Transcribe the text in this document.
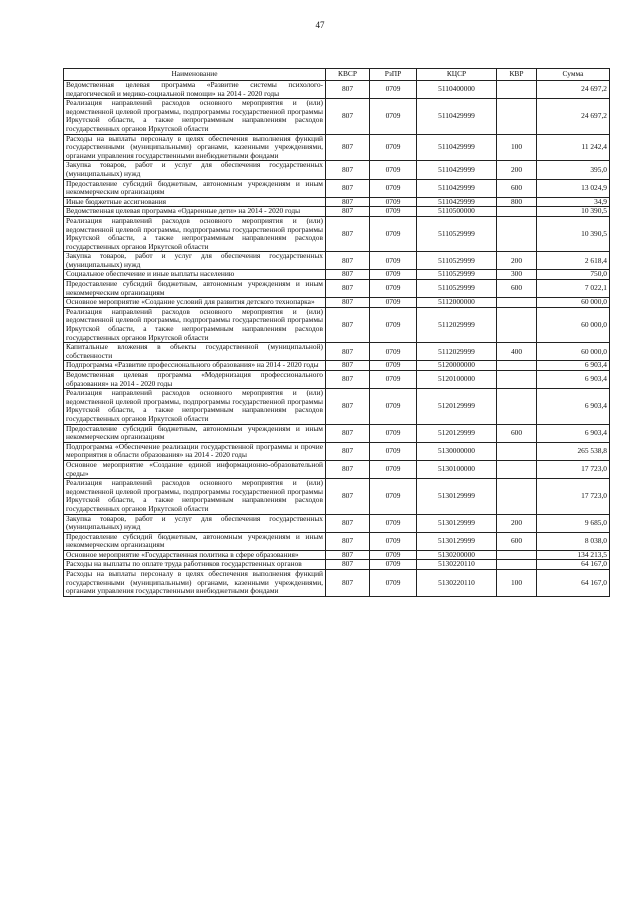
47
Наименование	КВСР	РзПР	КЦСР	КВР	Сумма
Ведомственная целевая программа «Развитие системы психолого-педагогической и медико-социальной помощи» на 2014 - 2020 годы	807	0709	5110400000		24 697,2
Реализация направлений расходов основного мероприятия и (или) ведомственной целевой программы, подпрограммы государственной программы Иркутской области, а также непрограммным направлениям расходов государственных органов Иркутской области	807	0709	5110429999		24 697,2
Расходы на выплаты персоналу в целях обеспечения выполнения функций государственными (муниципальными) органами, казенными учреждениями, органами управления государственными внебюджетными фондами	807	0709	5110429999	100	11 242,4
Закупка товаров, работ и услуг для обеспечения государственных (муниципальных) нужд	807	0709	5110429999	200	395,0
Предоставление субсидий бюджетным, автономным учреждениям и иным некоммерческим организациям	807	0709	5110429999	600	13 024,9
Иные бюджетные ассигнования	807	0709	5110429999	800	34,9
Ведомственная целевая программа «Одаренные дети» на 2014 - 2020 годы	807	0709	5110500000		10 390,5
Реализация направлений расходов основного мероприятия и (или) ведомственной целевой программы, подпрограммы государственной программы Иркутской области, а также непрограммным направлениям расходов государственных органов Иркутской области	807	0709	5110529999		10 390,5
Закупка товаров, работ и услуг для обеспечения государственных (муниципальных) нужд	807	0709	5110529999	200	2 618,4
Социальное обеспечение и иные выплаты населению	807	0709	5110529999	300	750,0
Предоставление субсидий бюджетным, автономным учреждениям и иным некоммерческим организациям	807	0709	5110529999	600	7 022,1
Основное мероприятие «Создание условий для развития детского технопарка»	807	0709	5112000000		60 000,0
Реализация направлений расходов основного мероприятия и (или) ведомственной целевой программы, подпрограммы государственной программы Иркутской области, а также непрограммным направлениям расходов государственных органов Иркутской области	807	0709	5112029999		60 000,0
Капитальные вложения в объекты государственной (муниципальной) собственности	807	0709	5112029999	400	60 000,0
Подпрограмма «Развитие профессионального образования» на 2014 - 2020 годы	807	0709	5120000000		6 903,4
Ведомственная целевая программа «Модернизация профессионального образования» на 2014 - 2020 годы	807	0709	5120100000		6 903,4
Реализация направлений расходов основного мероприятия и (или) ведомственной целевой программы, подпрограммы государственной программы Иркутской области, а также непрограммным направлениям расходов государственных органов Иркутской области	807	0709	5120129999		6 903,4
Предоставление субсидий бюджетным, автономным учреждениям и иным некоммерческим организациям	807	0709	5120129999	600	6 903,4
Подпрограмма «Обеспечение реализации государственной программы и прочие мероприятия в области образования» на 2014 - 2020 годы	807	0709	5130000000		265 538,8
Основное мероприятие «Создание единой информационно-образовательной среды»	807	0709	5130100000		17 723,0
Реализация направлений расходов основного мероприятия и (или) ведомственной целевой программы, подпрограммы государственной программы Иркутской области, а также непрограммным направлениям расходов государственных органов Иркутской области	807	0709	5130129999		17 723,0
Закупка товаров, работ и услуг для обеспечения государственных (муниципальных) нужд	807	0709	5130129999	200	9 685,0
Предоставление субсидий бюджетным, автономным учреждениям и иным некоммерческим организациям	807	0709	5130129999	600	8 038,0
Основное мероприятие «Государственная политика в сфере образования»	807	0709	5130200000		134 213,5
Расходы на выплаты по оплате труда работников государственных органов	807	0709	5130220110		64 167,0
Расходы на выплаты персоналу в целях обеспечения выполнения функций государственными (муниципальными) органами, казенными учреждениями, органами управления государственными внебюджетными фондами	807	0709	5130220110	100	64 167,0
